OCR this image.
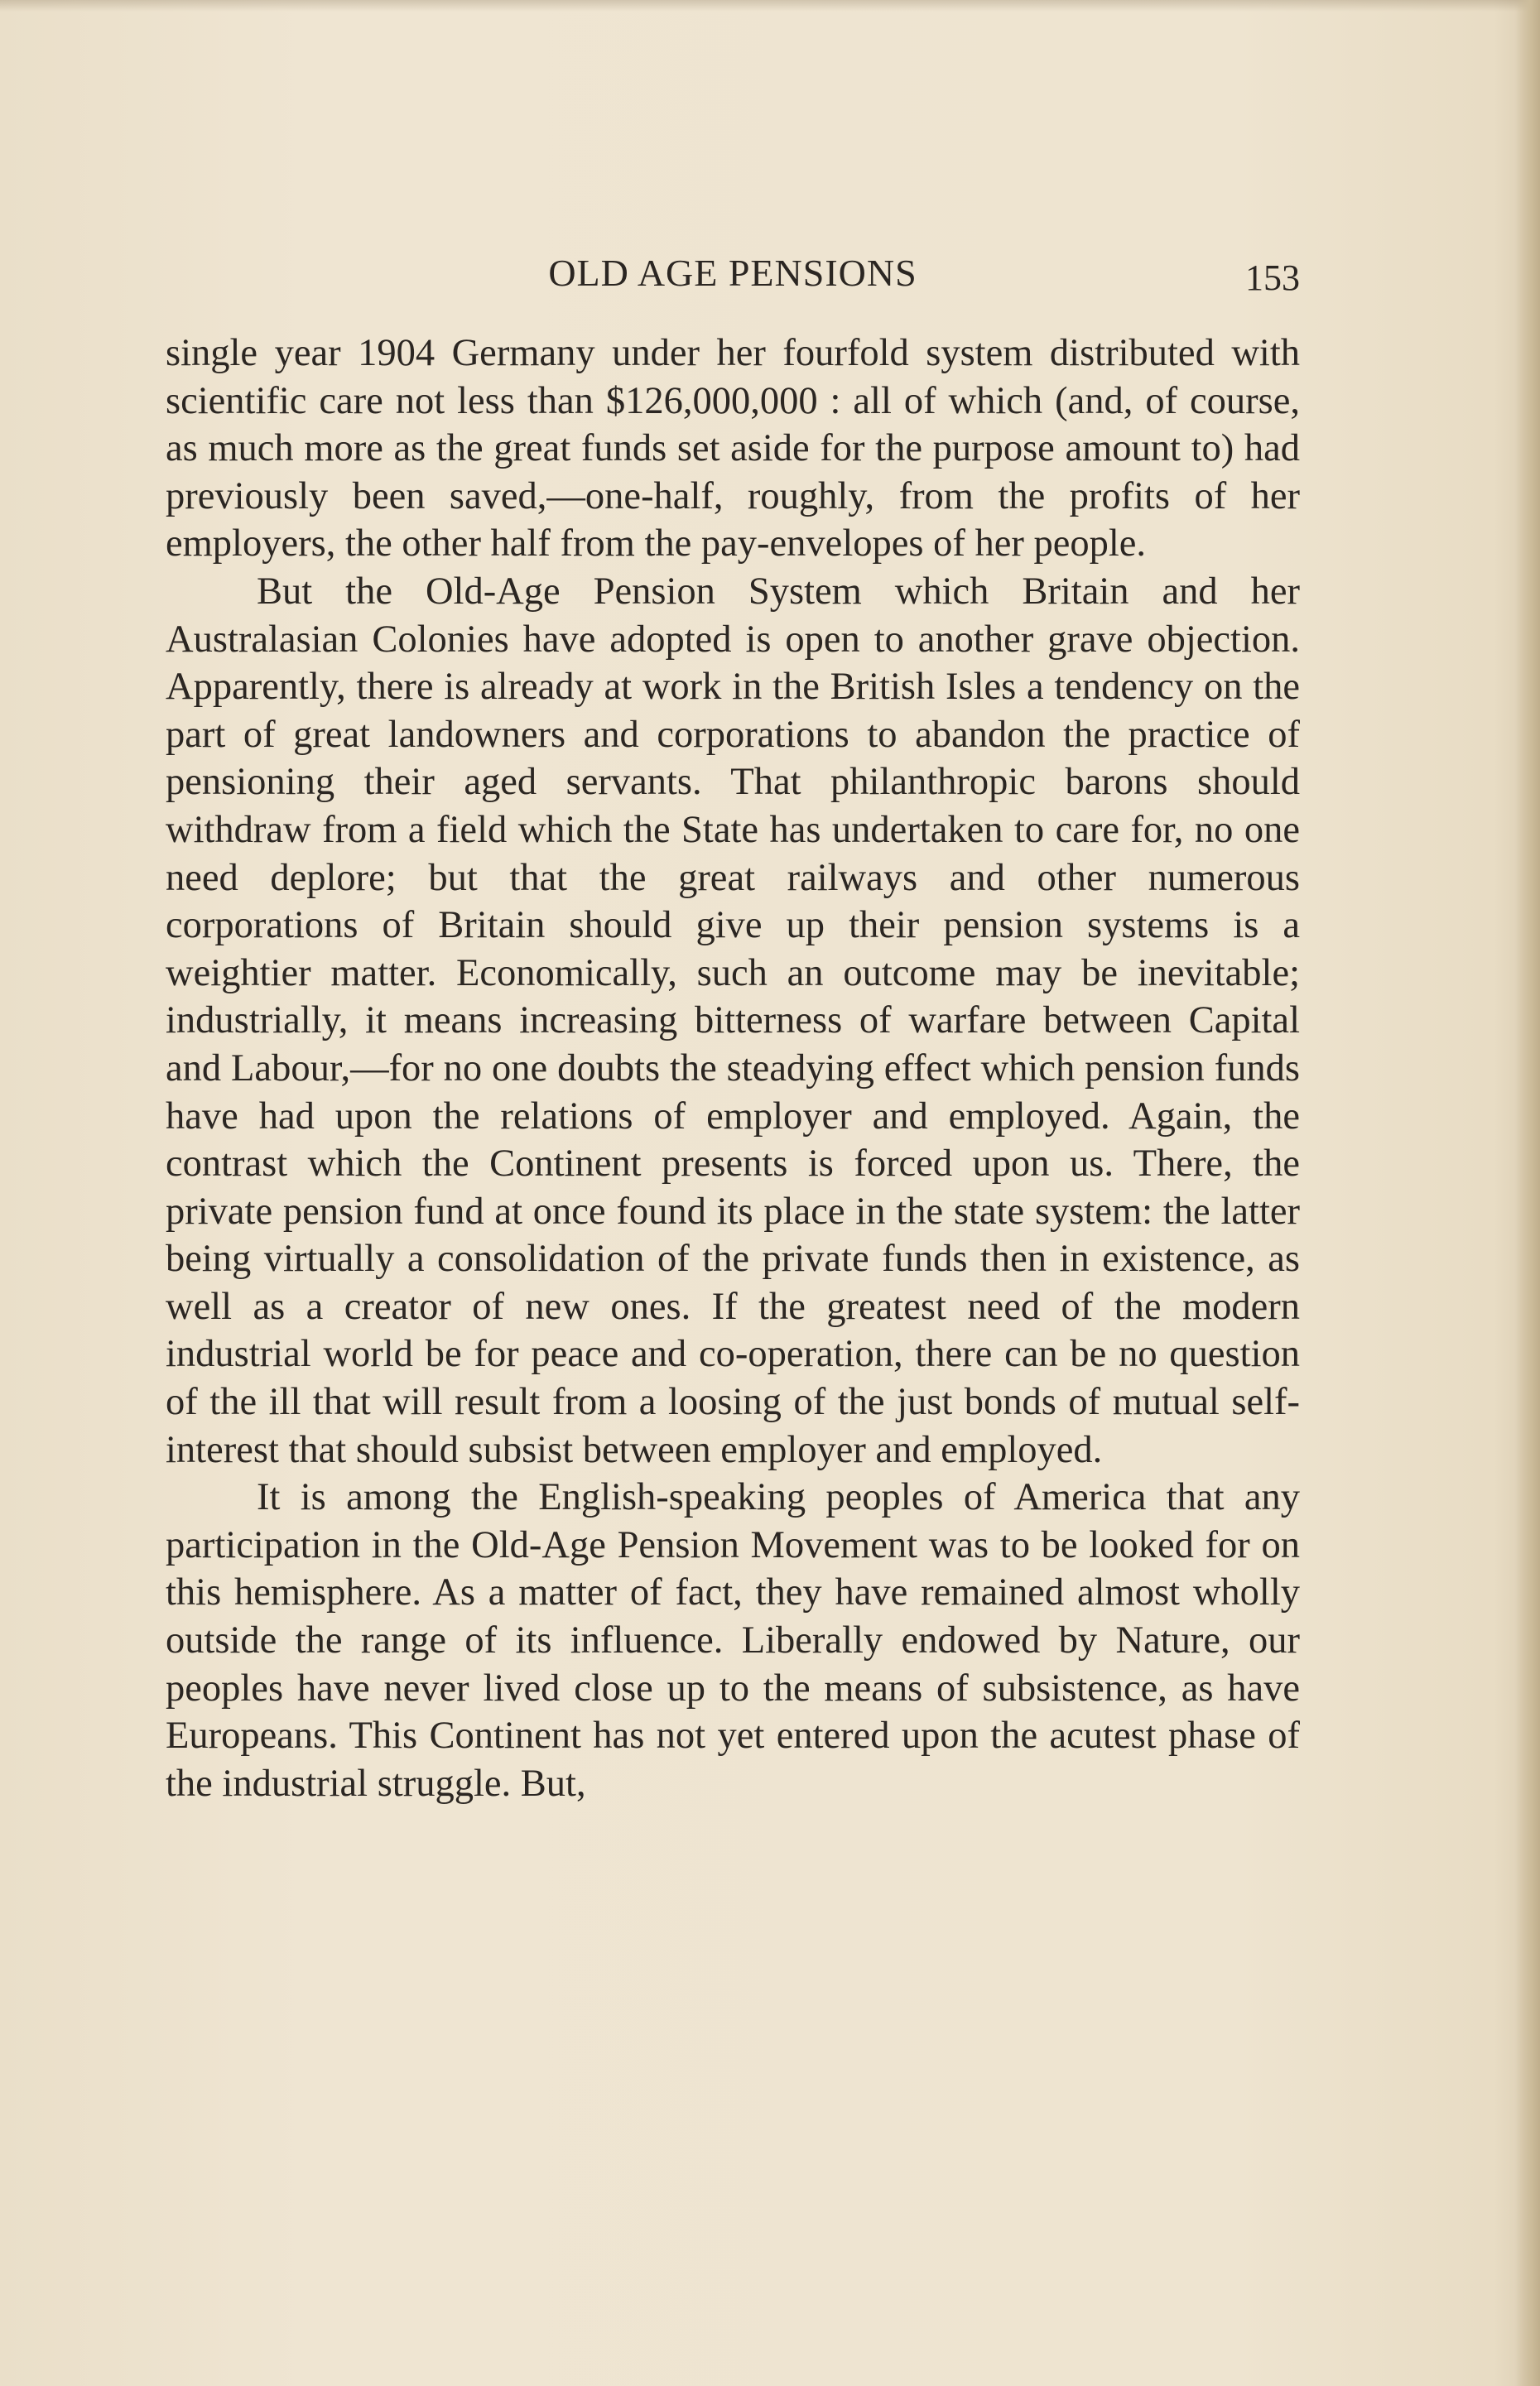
OLD AGE PENSIONS	153

single year 1904 Germany under her fourfold system distributed with scientific care not less than $126,000,000 : all of which (and, of course, as much more as the great funds set aside for the purpose amount to) had previously been saved,—one-half, roughly, from the profits of her employers, the other half from the pay-envelopes of her people.

But the Old-Age Pension System which Britain and her Australasian Colonies have adopted is open to another grave objection. Apparently, there is already at work in the British Isles a tendency on the part of great landowners and corporations to abandon the practice of pensioning their aged servants. That philanthropic barons should withdraw from a field which the State has undertaken to care for, no one need deplore; but that the great railways and other numerous corporations of Britain should give up their pension systems is a weightier matter. Economically, such an outcome may be inevitable; industrially, it means increasing bitterness of warfare between Capital and Labour,—for no one doubts the steadying effect which pension funds have had upon the relations of employer and employed. Again, the contrast which the Continent presents is forced upon us. There, the private pension fund at once found its place in the state system: the latter being virtually a consolidation of the private funds then in existence, as well as a creator of new ones. If the greatest need of the modern industrial world be for peace and co-operation, there can be no question of the ill that will result from a loosing of the just bonds of mutual self-interest that should subsist between employer and employed.

It is among the English-speaking peoples of America that any participation in the Old-Age Pension Movement was to be looked for on this hemisphere. As a matter of fact, they have remained almost wholly outside the range of its influence. Liberally endowed by Nature, our peoples have never lived close up to the means of subsistence, as have Europeans. This Continent has not yet entered upon the acutest phase of the industrial struggle. But,
